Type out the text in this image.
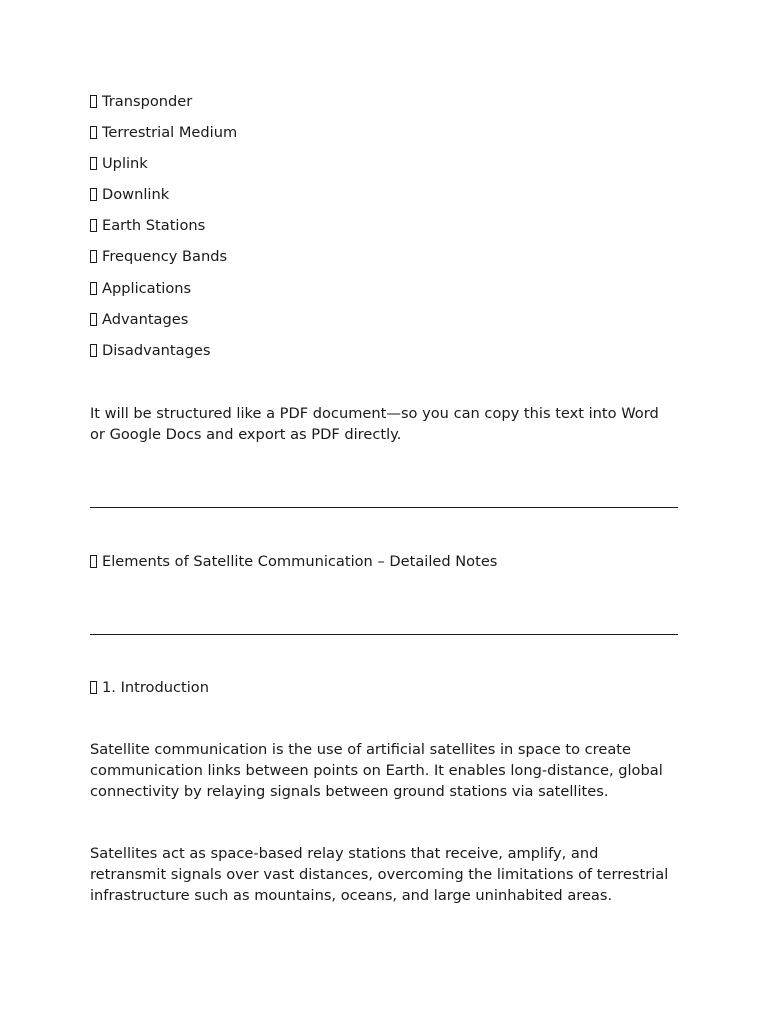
Transponder
Terrestrial Medium
Uplink
Downlink
Earth Stations
Frequency Bands
Applications
Advantages
Disadvantages

It will be structured like a PDF document—so you can copy this text into Word or Google Docs and export as PDF directly.

Elements of Satellite Communication – Detailed Notes
1. Introduction

Satellite communication is the use of artificial satellites in space to create communication links between points on Earth. It enables long-distance, global connectivity by relaying signals between ground stations via satellites.

Satellites act as space-based relay stations that receive, amplify, and retransmit signals over vast distances, overcoming the limitations of terrestrial infrastructure such as mountains, oceans, and large uninhabited areas.
